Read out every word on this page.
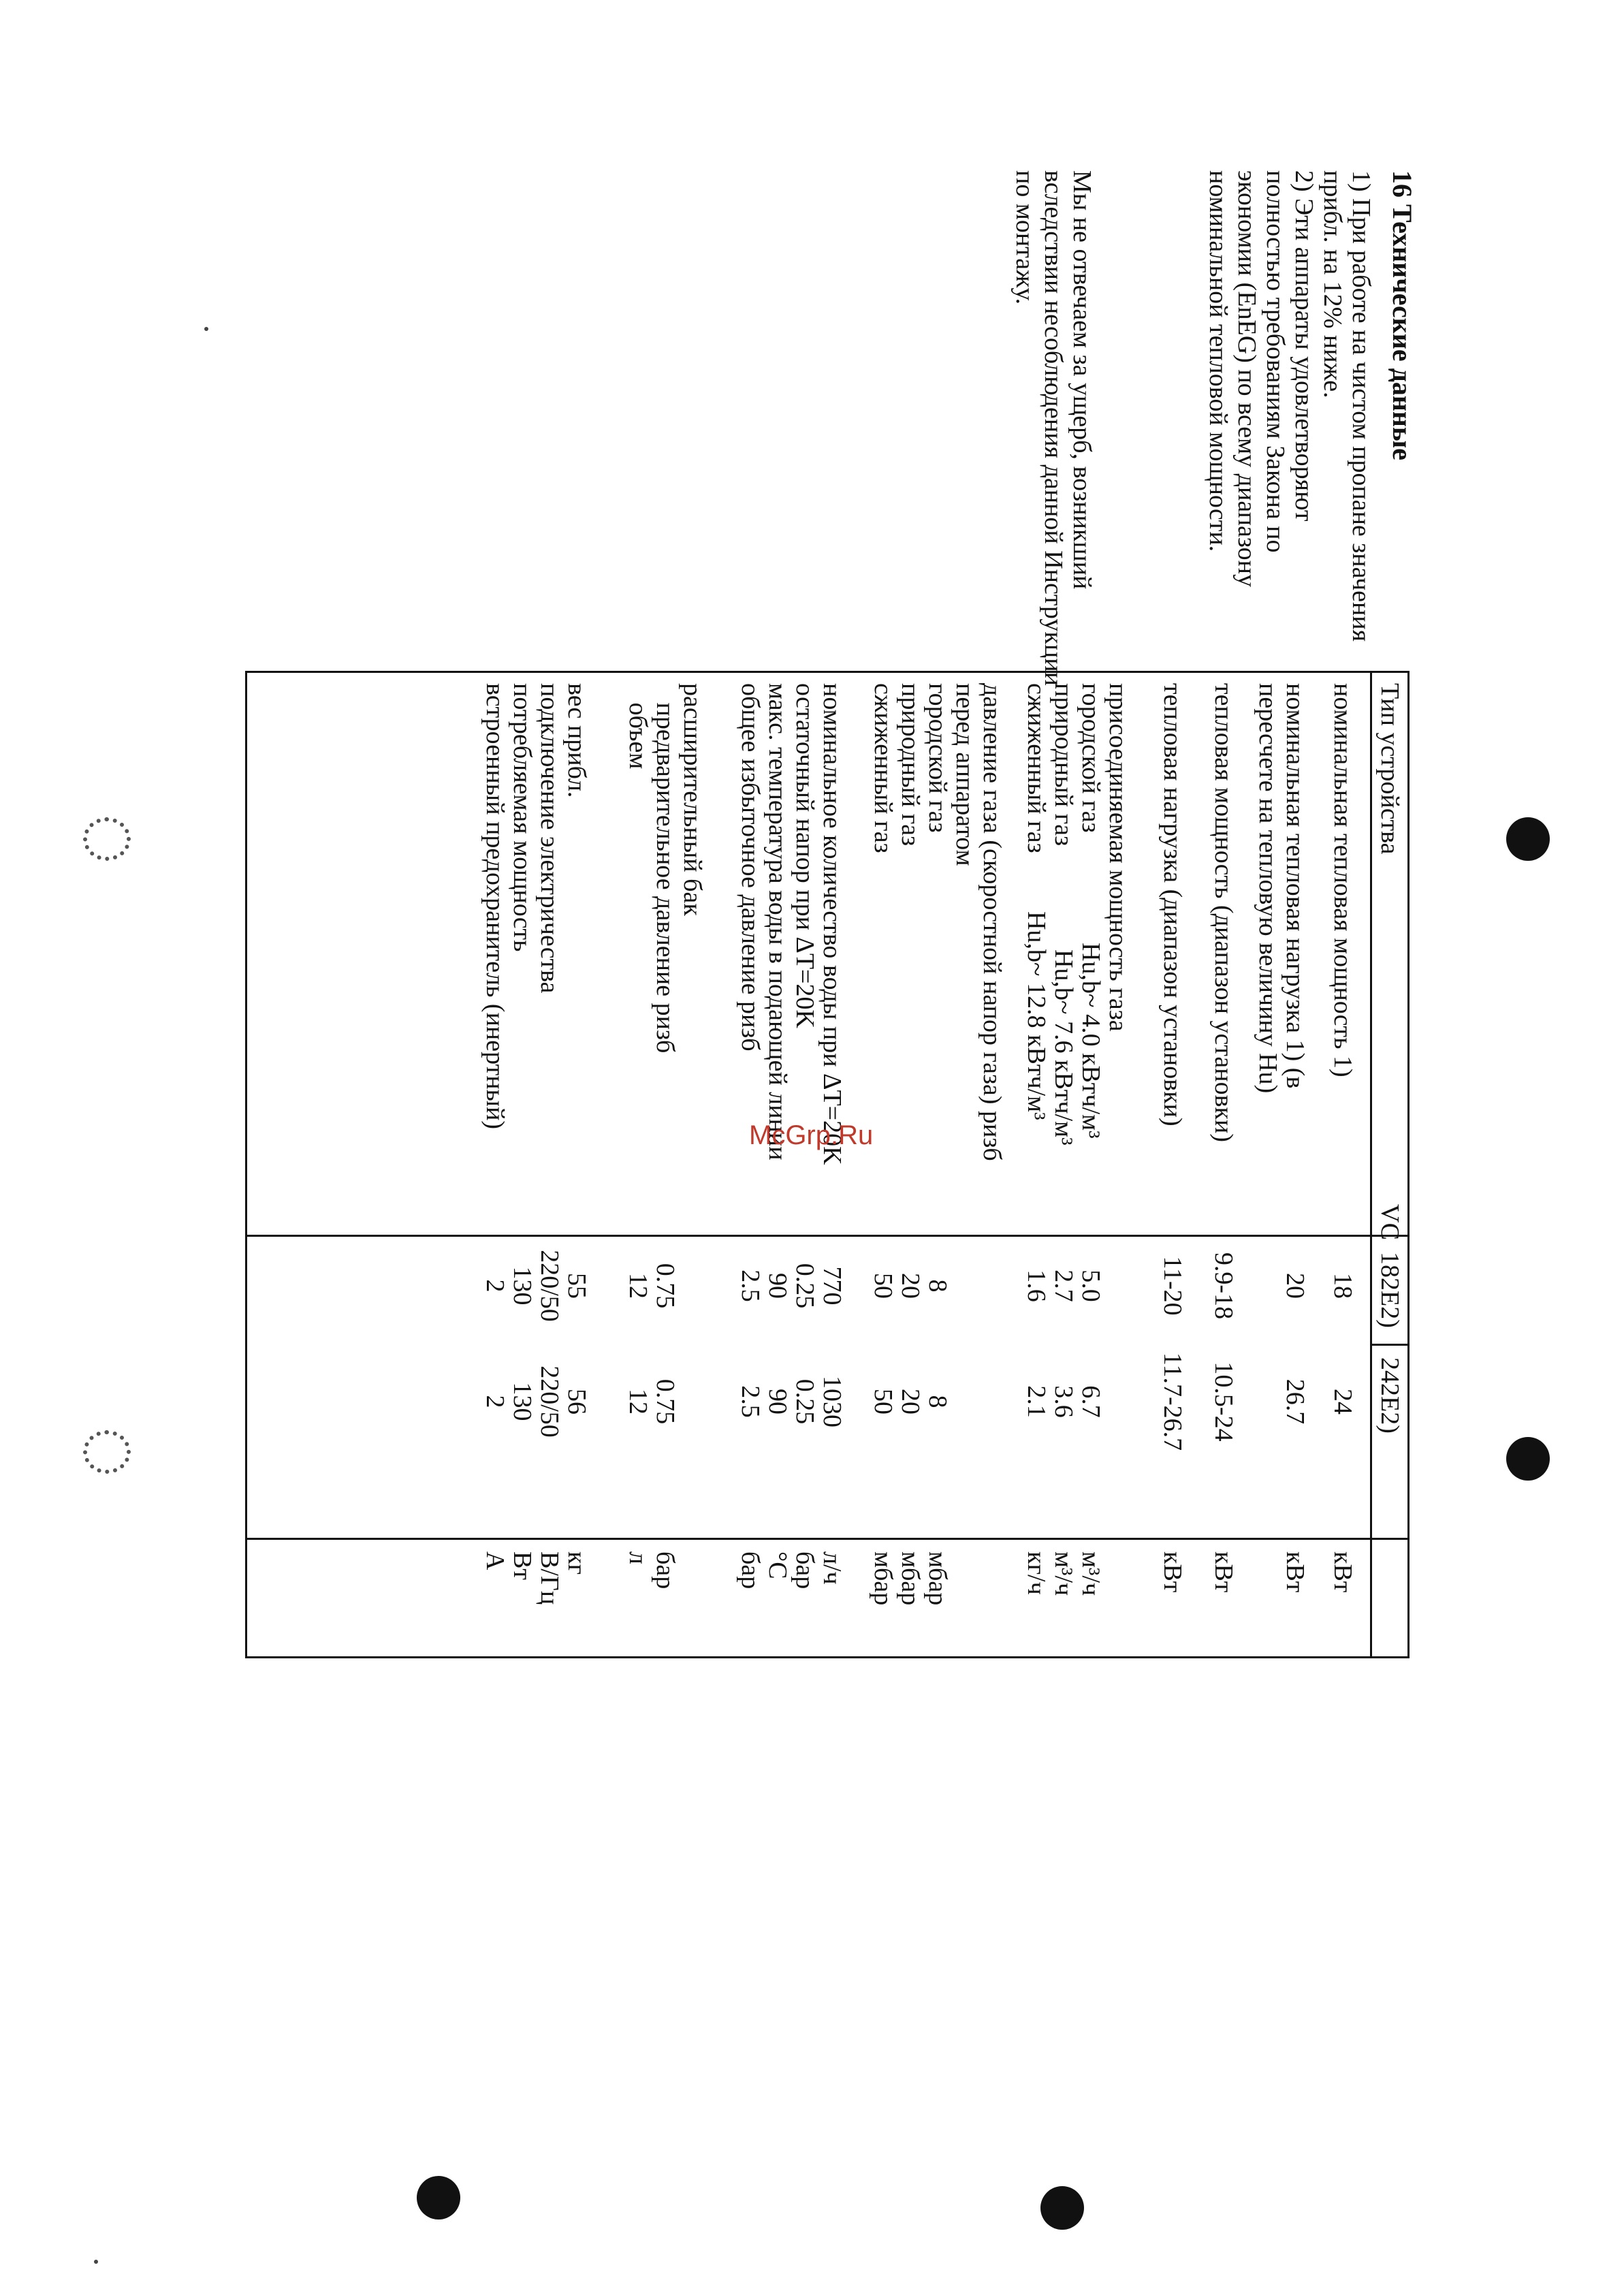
16 Технические данные

1) При работе на чистом пропане значения прибл. на 12% ниже.

2) Эти аппараты удовлетворяют полностью требованиям Закона по экономии (EnEG) по всему диапазону номинальной тепловой мощности.

Мы не отвечаем за ущерб, возникший вследствии несоблюдения данной Инструкции по монтажу.

Тип устройства
VC
182E2)
242E2)
номинальная тепловая мощность 1)
18
24
кВт
номинальная тепловая нагрузка 1) (в
пересчете на тепловую величину Hu)
20
26.7
кВт
тепловая мощность (диапазон установки)
9.9-18
10.5-24
кВт
тепловая нагрузка (диапазон установки)
11-20
11.7-26.7
кВт
присоединяемая мощность газа
городской газ                 Hu,b~ 4.0 кВтч/м³
природный газ                Hu,b~ 7.6 кВтч/м³
сжиженный газ         Hu,b~ 12.8 кВтч/м³

5.0
2.7
1.6

6.7
3.6
2.1

м³/ч
м³/ч
кг/ч
давление газа (скоростной напор газа) pизб
перед аппаратом
городской газ
природный газ
сжиженный газ

8
20
50

8
20
50

мбар
мбар
мбар
номинальное количество воды при ΔT=20K
остаточный напор при ΔT=20K
макс. температура воды в подающей линии
общее избыточное давление pизб
770
0.25
90
2.5
1030
0.25
90
2.5
л/ч
бар
°C
бар
расширительный бак
предварительное давление pизб
объем

0.75
12

0.75
12

бар
л
вес прибл.
подключение электричества
потребляемая мощность
встроенный предохранитель (инертный)
55
220/50
130
2
56
220/50
130
2
кг
В/Гц
Вт
А
McGrp.Ru
